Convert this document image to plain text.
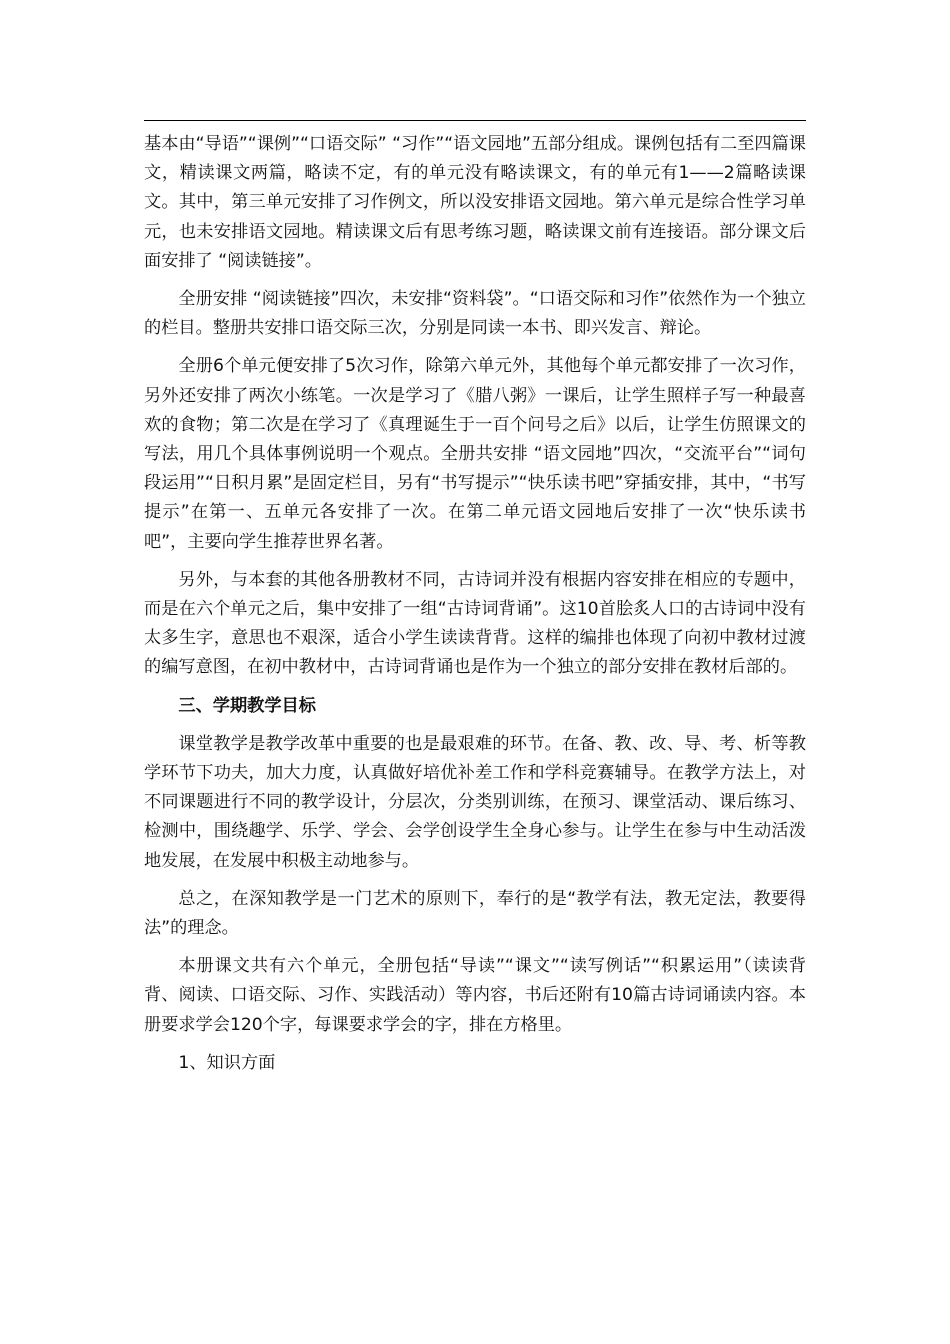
基本由“导语”“课例”“口语交际” “习作”“语文园地”五部分组成。课例包括有二至四篇课文，精读课文两篇，略读不定，有的单元没有略读课文，有的单元有1——2篇略读课文。其中，第三单元安排了习作例文，所以没安排语文园地。第六单元是综合性学习单元，也未安排语文园地。精读课文后有思考练习题，略读课文前有连接语。部分课文后面安排了 “阅读链接”。

全册安排 “阅读链接”四次，未安排“资料袋”。“口语交际和习作”依然作为一个独立的栏目。整册共安排口语交际三次，分别是同读一本书、即兴发言、辩论。

全册6个单元便安排了5次习作，除第六单元外，其他每个单元都安排了一次习作，另外还安排了两次小练笔。一次是学习了《腊八粥》一课后，让学生照样子写一种最喜欢的食物；第二次是在学习了《真理诞生于一百个问号之后》以后，让学生仿照课文的写法，用几个具体事例说明一个观点。全册共安排 “语文园地”四次，“交流平台”“词句段运用”“日积月累”是固定栏目，另有“书写提示”“快乐读书吧”穿插安排，其中，“书写提示”在第一、五单元各安排了一次。在第二单元语文园地后安排了一次“快乐读书吧”，主要向学生推荐世界名著。

另外，与本套的其他各册教材不同，古诗词并没有根据内容安排在相应的专题中，而是在六个单元之后，集中安排了一组“古诗词背诵”。这10首脍炙人口的古诗词中没有太多生字，意思也不艰深，适合小学生读读背背。这样的编排也体现了向初中教材过渡的编写意图，在初中教材中，古诗词背诵也是作为一个独立的部分安排在教材后部的。

三、学期教学目标

课堂教学是教学改革中重要的也是最艰难的环节。在备、教、改、导、考、析等教学环节下功夫，加大力度，认真做好培优补差工作和学科竞赛辅导。在教学方法上，对不同课题进行不同的教学设计，分层次，分类别训练，在预习、课堂活动、课后练习、检测中，围绕趣学、乐学、学会、会学创设学生全身心参与。让学生在参与中生动活泼地发展，在发展中积极主动地参与。

总之，在深知教学是一门艺术的原则下，奉行的是“教学有法，教无定法，教要得法”的理念。

本册课文共有六个单元，全册包括“导读”“课文”“读写例话”“积累运用”（读读背背、阅读、口语交际、习作、实践活动）等内容，书后还附有10篇古诗词诵读内容。本册要求学会120个字，每课要求学会的字，排在方格里。

1、知识方面
